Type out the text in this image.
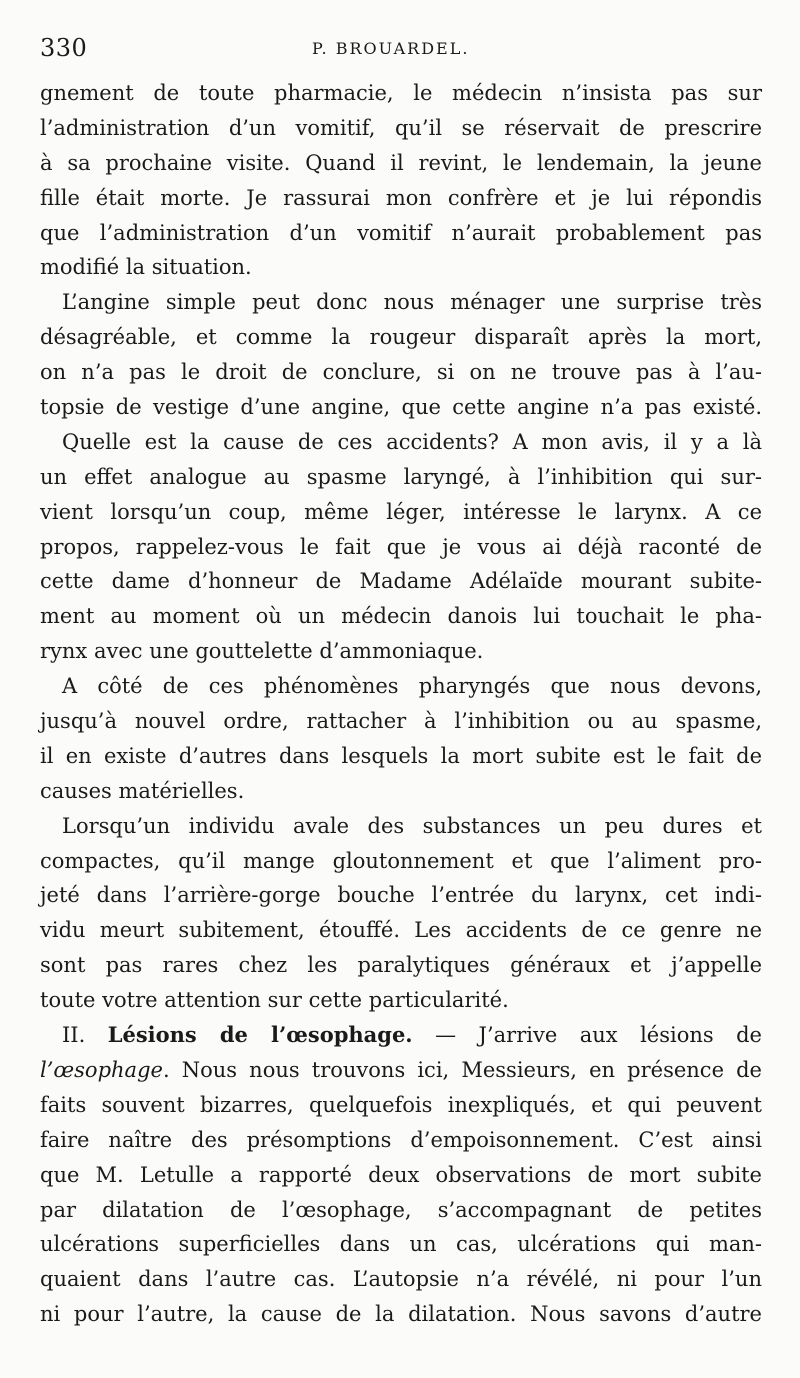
330	P. BROUARDEL.
gnement de toute pharmacie, le médecin n’insista pas sur
l’administration d’un vomitif, qu’il se réservait de prescrire
à sa prochaine visite. Quand il revint, le lendemain, la jeune
fille était morte. Je rassurai mon confrère et je lui répondis
que l’administration d’un vomitif n’aurait probablement pas
modifié la situation.
L’angine simple peut donc nous ménager une surprise très
désagréable, et comme la rougeur disparaît après la mort,
on n’a pas le droit de conclure, si on ne trouve pas à l’au-
topsie de vestige d’une angine, que cette angine n’a pas existé.
Quelle est la cause de ces accidents? A mon avis, il y a là
un effet analogue au spasme laryngé, à l’inhibition qui sur-
vient lorsqu’un coup, même léger, intéresse le larynx. A ce
propos, rappelez-vous le fait que je vous ai déjà raconté de
cette dame d’honneur de Madame Adélaïde mourant subite-
ment au moment où un médecin danois lui touchait le pha-
rynx avec une gouttelette d’ammoniaque.
A côté de ces phénomènes pharyngés que nous devons,
jusqu’à nouvel ordre, rattacher à l’inhibition ou au spasme,
il en existe d’autres dans lesquels la mort subite est le fait de
causes matérielles.
Lorsqu’un individu avale des substances un peu dures et
compactes, qu’il mange gloutonnement et que l’aliment pro-
jeté dans l’arrière-gorge bouche l’entrée du larynx, cet indi-
vidu meurt subitement, étouffé. Les accidents de ce genre ne
sont pas rares chez les paralytiques généraux et j’appelle
toute votre attention sur cette particularité.
II. Lésions de l’œsophage. — J’arrive aux lésions de
l’œsophage. Nous nous trouvons ici, Messieurs, en présence de
faits souvent bizarres, quelquefois inexpliqués, et qui peuvent
faire naître des présomptions d’empoisonnement. C’est ainsi
que M. Letulle a rapporté deux observations de mort subite
par dilatation de l’œsophage, s’accompagnant de petites
ulcérations superficielles dans un cas, ulcérations qui man-
quaient dans l’autre cas. L’autopsie n’a révélé, ni pour l’un
ni pour l’autre, la cause de la dilatation. Nous savons d’autre
